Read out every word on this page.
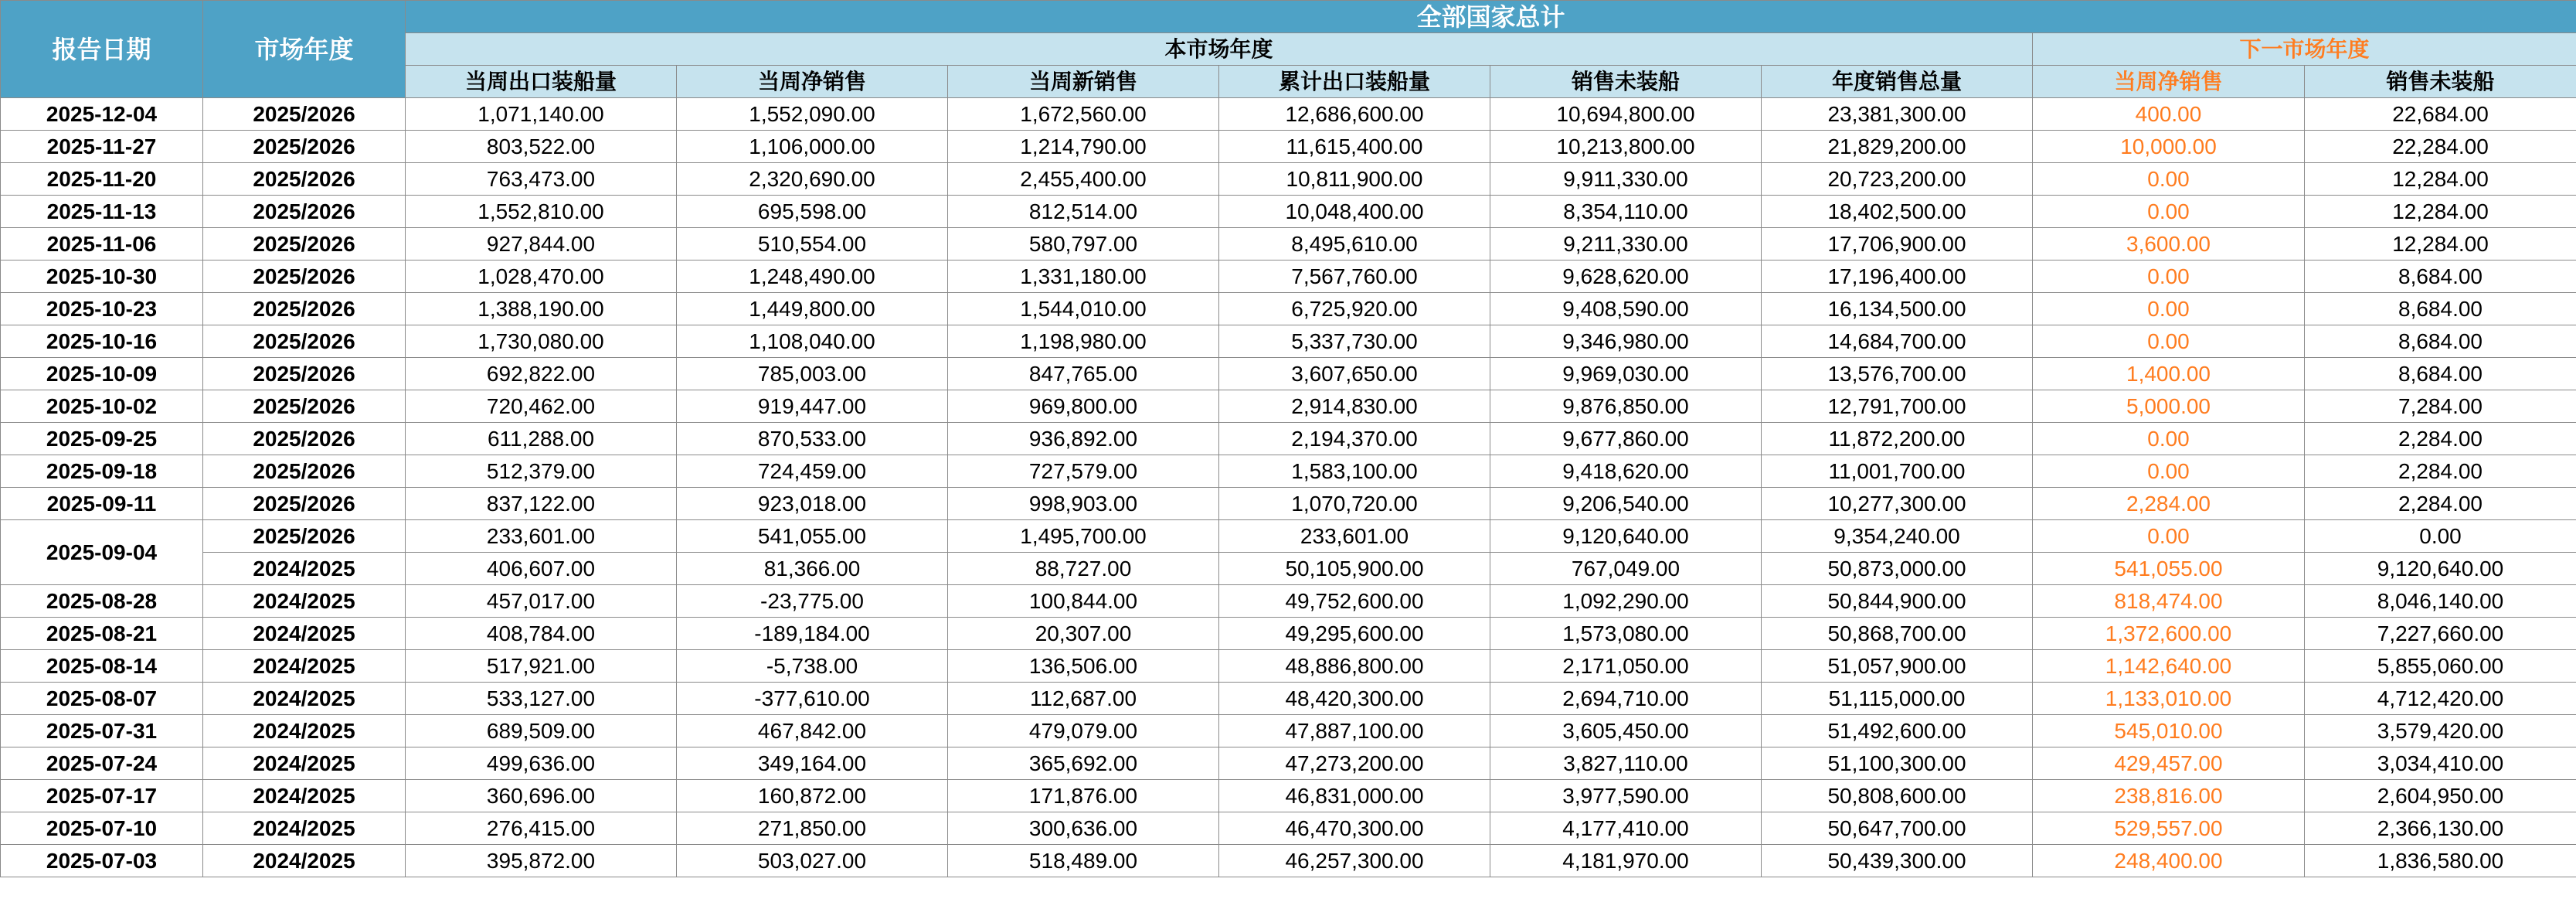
报告日期	市场年度	全部国家总计							
		本市场年度						下一市场年度	
		当周出口装船量	当周净销售	当周新销售	累计出口装船量	销售未装船	年度销售总量	当周净销售	销售未装船
2025-12-04	2025/2026	1,071,140.00	1,552,090.00	1,672,560.00	12,686,600.00	10,694,800.00	23,381,300.00	400.00	22,684.00
2025-11-27	2025/2026	803,522.00	1,106,000.00	1,214,790.00	11,615,400.00	10,213,800.00	21,829,200.00	10,000.00	22,284.00
2025-11-20	2025/2026	763,473.00	2,320,690.00	2,455,400.00	10,811,900.00	9,911,330.00	20,723,200.00	0.00	12,284.00
2025-11-13	2025/2026	1,552,810.00	695,598.00	812,514.00	10,048,400.00	8,354,110.00	18,402,500.00	0.00	12,284.00
2025-11-06	2025/2026	927,844.00	510,554.00	580,797.00	8,495,610.00	9,211,330.00	17,706,900.00	3,600.00	12,284.00
2025-10-30	2025/2026	1,028,470.00	1,248,490.00	1,331,180.00	7,567,760.00	9,628,620.00	17,196,400.00	0.00	8,684.00
2025-10-23	2025/2026	1,388,190.00	1,449,800.00	1,544,010.00	6,725,920.00	9,408,590.00	16,134,500.00	0.00	8,684.00
2025-10-16	2025/2026	1,730,080.00	1,108,040.00	1,198,980.00	5,337,730.00	9,346,980.00	14,684,700.00	0.00	8,684.00
2025-10-09	2025/2026	692,822.00	785,003.00	847,765.00	3,607,650.00	9,969,030.00	13,576,700.00	1,400.00	8,684.00
2025-10-02	2025/2026	720,462.00	919,447.00	969,800.00	2,914,830.00	9,876,850.00	12,791,700.00	5,000.00	7,284.00
2025-09-25	2025/2026	611,288.00	870,533.00	936,892.00	2,194,370.00	9,677,860.00	11,872,200.00	0.00	2,284.00
2025-09-18	2025/2026	512,379.00	724,459.00	727,579.00	1,583,100.00	9,418,620.00	11,001,700.00	0.00	2,284.00
2025-09-11	2025/2026	837,122.00	923,018.00	998,903.00	1,070,720.00	9,206,540.00	10,277,300.00	2,284.00	2,284.00
2025-09-04	2025/2026	233,601.00	541,055.00	1,495,700.00	233,601.00	9,120,640.00	9,354,240.00	0.00	0.00
	2024/2025	406,607.00	81,366.00	88,727.00	50,105,900.00	767,049.00	50,873,000.00	541,055.00	9,120,640.00
2025-08-28	2024/2025	457,017.00	-23,775.00	100,844.00	49,752,600.00	1,092,290.00	50,844,900.00	818,474.00	8,046,140.00
2025-08-21	2024/2025	408,784.00	-189,184.00	20,307.00	49,295,600.00	1,573,080.00	50,868,700.00	1,372,600.00	7,227,660.00
2025-08-14	2024/2025	517,921.00	-5,738.00	136,506.00	48,886,800.00	2,171,050.00	51,057,900.00	1,142,640.00	5,855,060.00
2025-08-07	2024/2025	533,127.00	-377,610.00	112,687.00	48,420,300.00	2,694,710.00	51,115,000.00	1,133,010.00	4,712,420.00
2025-07-31	2024/2025	689,509.00	467,842.00	479,079.00	47,887,100.00	3,605,450.00	51,492,600.00	545,010.00	3,579,420.00
2025-07-24	2024/2025	499,636.00	349,164.00	365,692.00	47,273,200.00	3,827,110.00	51,100,300.00	429,457.00	3,034,410.00
2025-07-17	2024/2025	360,696.00	160,872.00	171,876.00	46,831,000.00	3,977,590.00	50,808,600.00	238,816.00	2,604,950.00
2025-07-10	2024/2025	276,415.00	271,850.00	300,636.00	46,470,300.00	4,177,410.00	50,647,700.00	529,557.00	2,366,130.00
2025-07-03	2024/2025	395,872.00	503,027.00	518,489.00	46,257,300.00	4,181,970.00	50,439,300.00	248,400.00	1,836,580.00
